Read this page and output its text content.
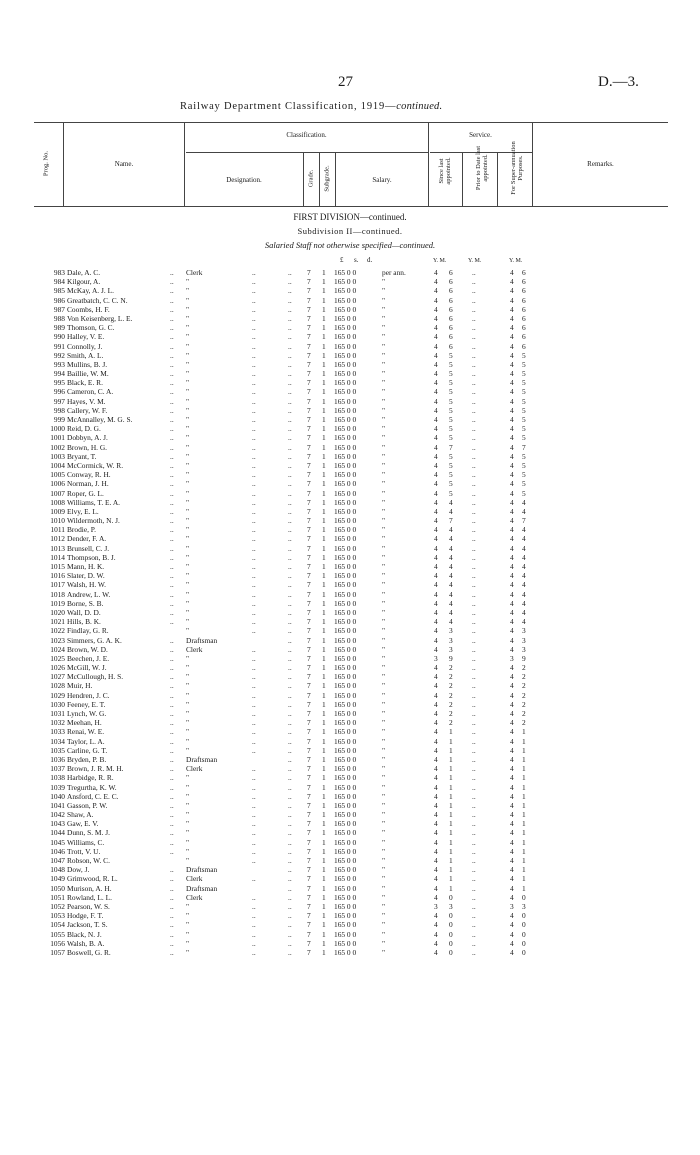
27	D.—3.
Railway Department Classification, 1919—continued.
Prog. No.	Name.
Classification.	Service.
Remarks.
Designation.	Grade. Subgrade.	Salary.	Since last appointed.	Prior to Date last appointed.	For Super-annuation Purposes.
FIRST DIVISION—continued.
Subdivision II—continued.
Salaried Staff not otherwise specified—continued.
£ s. d.	Y. M.	Y. M.	Y. M.
983 Dale, A. C.	.. Clerk	..	.. 7 1 165 0 0	per ann.	4 6	..	4 6
984 Kilgour, A.	.. "	..	.. 7 1 165 0 0	"	4 6	..	4 6
985 McKay, A. J. L.	.. "	..	.. 7 1 165 0 0	"	4 6	..	4 6
986 Greatbatch, C. C. N.	.. "	..	.. 7 1 165 0 0	"	4 6	..	4 6
987 Coombs, H. F.	.. "	..	.. 7 1 165 0 0	"	4 6	..	4 6
988 Von Keisenberg, L. E.	.. "	..	.. 7 1 165 0 0	"	4 6	..	4 6
989 Thomson, G. C.	.. "	..	.. 7 1 165 0 0	"	4 6	..	4 6
990 Halley, V. E.	.. "	..	.. 7 1 165 0 0	"	4 6	..	4 6
991 Connolly, J.	.. "	..	.. 7 1 165 0 0	"	4 6	..	4 6
992 Smith, A. L.	.. "	..	.. 7 1 165 0 0	"	4 5	..	4 5
993 Mullins, B. J.	.. "	..	.. 7 1 165 0 0	"	4 5	..	4 5
994 Baillie, W. M.	.. "	..	.. 7 1 165 0 0	"	4 5	..	4 5
995 Black, E. R.	.. "	..	.. 7 1 165 0 0	"	4 5	..	4 5
996 Cameron, C. A.	.. "	..	.. 7 1 165 0 0	"	4 5	..	4 5
997 Hayes, V. M.	.. "	..	.. 7 1 165 0 0	"	4 5	..	4 5
998 Callery, W. F.	.. "	..	.. 7 1 165 0 0	"	4 5	..	4 5
999 McAnnalley, M. G. S.	.. "	..	.. 7 1 165 0 0	"	4 5	..	4 5
1000 Reid, D. G.	.. "	..	.. 7 1 165 0 0	"	4 5	..	4 5
1001 Dobbyn, A. J.	.. "	..	.. 7 1 165 0 0	"	4 5	..	4 5
1002 Brown, H. G.	.. "	..	.. 7 1 165 0 0	"	4 7	..	4 7
1003 Bryant, T.	.. "	..	.. 7 1 165 0 0	"	4 5	..	4 5
1004 McCormick, W. R.	.. "	..	.. 7 1 165 0 0	"	4 5	..	4 5
1005 Conway, R. H.	.. "	..	.. 7 1 165 0 0	"	4 5	..	4 5
1006 Norman, J. H.	.. "	..	.. 7 1 165 0 0	"	4 5	..	4 5
1007 Roper, G. L.	.. "	..	.. 7 1 165 0 0	"	4 5	..	4 5
1008 Williams, T. E. A.	.. "	..	.. 7 1 165 0 0	"	4 4	..	4 4
1009 Elvy, E. L.	.. "	..	.. 7 1 165 0 0	"	4 4	..	4 4
1010 Wildermoth, N. J.	.. "	..	.. 7 1 165 0 0	"	4 7	..	4 7
1011 Brodie, P.	.. "	..	.. 7 1 165 0 0	"	4 4	..	4 4
1012 Dender, F. A.	.. "	..	.. 7 1 165 0 0	"	4 4	..	4 4
1013 Brunsell, C. J.	.. "	..	.. 7 1 165 0 0	"	4 4	..	4 4
1014 Thompson, B. J.	.. "	..	.. 7 1 165 0 0	"	4 4	..	4 4
1015 Mann, H. K.	.. "	..	.. 7 1 165 0 0	"	4 4	..	4 4
1016 Slater, D. W.	.. "	..	.. 7 1 165 0 0	"	4 4	..	4 4
1017 Walsh, H. W.	.. "	..	.. 7 1 165 0 0	"	4 4	..	4 4
1018 Andrew, L. W.	.. "	..	.. 7 1 165 0 0	"	4 4	..	4 4
1019 Borne, S. B.	.. "	..	.. 7 1 165 0 0	"	4 4	..	4 4
1020 Wall, D. D.	.. "	..	.. 7 1 165 0 0	"	4 4	..	4 4
1021 Hills, B. K.	.. "	..	.. 7 1 165 0 0	"	4 4	..	4 4
1022 Findlay, G. R.	"	..	.. 7 1 165 0 0	"	4 3	..	4 3
1023 Simmers, G. A. K.	.. Draftsman	.. 7 1 165 0 0	"	4 3	..	4 3
1024 Brown, W. D.	.. Clerk	..	.. 7 1 165 0 0	"	4 3	..	4 3
1025 Beechen, J. E.	.. "	..	.. 7 1 165 0 0	"	3 9	..	3 9
1026 McGill, W. J.	.. "	..	.. 7 1 165 0 0	"	4 2	..	4 2
1027 McCullough, H. S.	.. "	..	.. 7 1 165 0 0	"	4 2	..	4 2
1028 Muir, H.	.. "	..	.. 7 1 165 0 0	"	4 2	..	4 2
1029 Hendren, J. C.	.. "	..	.. 7 1 165 0 0	"	4 2	..	4 2
1030 Feeney, E. T.	.. "	..	.. 7 1 165 0 0	"	4 2	..	4 2
1031 Lynch, W. G.	.. "	..	.. 7 1 165 0 0	"	4 2	..	4 2
1032 Meehan, H.	.. "	..	.. 7 1 165 0 0	"	4 2	..	4 2
1033 Renai, W. E.	.. "	..	.. 7 1 165 0 0	"	4 1	..	4 1
1034 Taylor, L. A.	.. "	..	.. 7 1 165 0 0	"	4 1	..	4 1
1035 Carline, G. T.	.. "	..	.. 7 1 165 0 0	"	4 1	..	4 1
1036 Bryden, P. B.	.. Draftsman	.. 7 1 165 0 0	"	4 1	..	4 1
1037 Brown, J. R. M. H.	.. Clerk	..	.. 7 1 165 0 0	"	4 1	..	4 1
1038 Harbidge, R. R.	.. "	..	.. 7 1 165 0 0	"	4 1	..	4 1
1039 Tregurtha, K. W.	.. "	..	.. 7 1 165 0 0	"	4 1	..	4 1
1040 Ansford, C. E. C.	.. "	..	.. 7 1 165 0 0	"	4 1	..	4 1
1041 Gasson, P. W.	.. "	..	.. 7 1 165 0 0	"	4 1	..	4 1
1042 Shaw, A.	.. "	..	.. 7 1 165 0 0	"	4 1	..	4 1
1043 Gaw, E. V.	.. "	..	.. 7 1 165 0 0	"	4 1	..	4 1
1044 Dunn, S. M. J.	.. "	..	.. 7 1 165 0 0	"	4 1	..	4 1
1045 Williams, C.	.. "	..	.. 7 1 165 0 0	"	4 1	..	4 1
1046 Trott, V. U.	.. "	..	.. 7 1 165 0 0	"	4 1	..	4 1
1047 Robson, W. C.	"	..	.. 7 1 165 0 0	"	4 1	..	4 1
1048 Dow, J.	.. Draftsman	.. 7 1 165 0 0	"	4 1	..	4 1
1049 Grimwood, R. L.	.. Clerk	..	.. 7 1 165 0 0	"	4 1	..	4 1
1050 Murison, A. H.	.. Draftsman	.. 7 1 165 0 0	"	4 1	..	4 1
1051 Rowland, L. L.	.. Clerk	..	.. 7 1 165 0 0	"	4 0	..	4 0
1052 Pearson, W. S.	.. "	..	.. 7 1 165 0 0	"	3 3	..	3 3
1053 Hodge, F. T.	.. "	..	.. 7 1 165 0 0	"	4 0	..	4 0
1054 Jackson, T. S.	.. "	..	.. 7 1 165 0 0	"	4 0	..	4 0
1055 Black, N. J.	.. "	..	.. 7 1 165 0 0	"	4 0	..	4 0
1056 Walsh, B. A.	.. "	..	.. 7 1 165 0 0	"	4 0	..	4 0
1057 Boswell, G. R.	.. "	..	.. 7 1 165 0 0	"	4 0	..	4 0
